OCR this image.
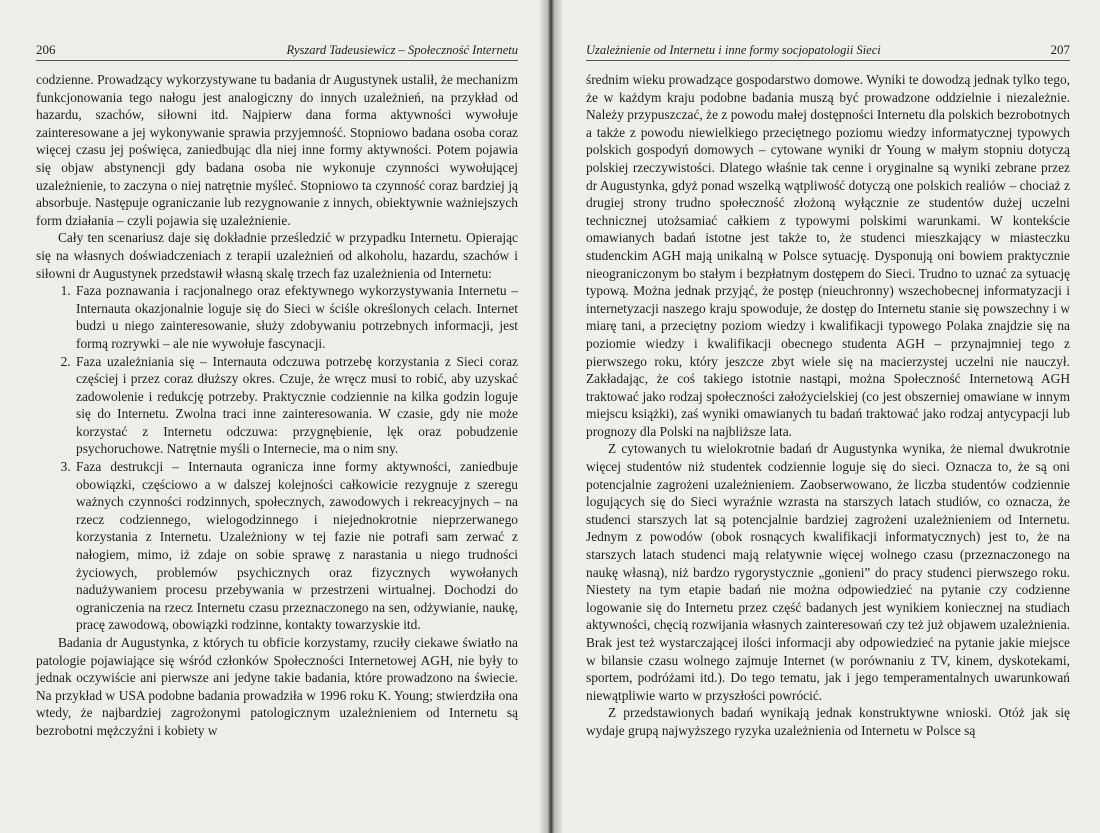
206	Ryszard Tadeusiewicz – Społeczność Internetu

codzienne. Prowadzący wykorzystywane tu badania dr Augustynek ustalił, że mechanizm funkcjonowania tego nałogu jest analogiczny do innych uzależnień, na przykład od hazardu, szachów, siłowni itd. Najpierw dana forma aktywności wywołuje zainteresowane a jej wykonywanie sprawia przyjemność. Stopniowo badana osoba coraz więcej czasu jej poświęca, zaniedbując dla niej inne formy aktywności. Potem pojawia się objaw abstynencji gdy badana osoba nie wykonuje czynności wywołującej uzależnienie, to zaczyna o niej natrętnie myśleć. Stopniowo ta czynność coraz bardziej ją absorbuje. Następuje ograniczanie lub rezygnowanie z innych, obiektywnie ważniejszych form działania – czyli pojawia się uzależnienie.

Cały ten scenariusz daje się dokładnie prześledzić w przypadku Internetu. Opierając się na własnych doświadczeniach z terapii uzależnień od alkoholu, hazardu, szachów i siłowni dr Augustynek przedstawił własną skalę trzech faz uzależnienia od Internetu:

1. Faza poznawania i racjonalnego oraz efektywnego wykorzystywania Internetu – Internauta okazjonalnie loguje się do Sieci w ściśle określonych celach. Internet budzi u niego zainteresowanie, służy zdobywaniu potrzebnych informacji, jest formą rozrywki – ale nie wywołuje fascynacji.
2. Faza uzależniania się – Internauta odczuwa potrzebę korzystania z Sieci coraz częściej i przez coraz dłuższy okres. Czuje, że wręcz musi to robić, aby uzyskać zadowolenie i redukcję potrzeby. Praktycznie codziennie na kilka godzin loguje się do Internetu. Zwolna traci inne zainteresowania. W czasie, gdy nie może korzystać z Internetu odczuwa: przygnębienie, lęk oraz pobudzenie psychoruchowe. Natrętnie myśli o Internecie, ma o nim sny.
3. Faza destrukcji – Internauta ogranicza inne formy aktywności, zaniedbuje obowiązki, częściowo a w dalszej kolejności całkowicie rezygnuje z szeregu ważnych czynności rodzinnych, społecznych, zawodowych i rekreacyjnych – na rzecz codziennego, wielogodzinnego i niejednokrotnie nieprzerwanego korzystania z Internetu. Uzależniony w tej fazie nie potrafi sam zerwać z nałogiem, mimo, iż zdaje on sobie sprawę z narastania u niego trudności życiowych, problemów psychicznych oraz fizycznych wywołanych nadużywaniem procesu przebywania w przestrzeni wirtualnej. Dochodzi do ograniczenia na rzecz Internetu czasu przeznaczonego na sen, odżywianie, naukę, pracę zawodową, obowiązki rodzinne, kontakty towarzyskie itd.

Badania dr Augustynka, z których tu obficie korzystamy, rzuciły ciekawe światło na patologie pojawiające się wśród członków Społeczności Internetowej AGH, nie były to jednak oczywiście ani pierwsze ani jedyne takie badania, które prowadzono na świecie. Na przykład w USA podobne badania prowadziła w 1996 roku K. Young; stwierdziła ona wtedy, że najbardziej zagrożonymi patologicznym uzależnieniem od Internetu są bezrobotni mężczyźni i kobiety w

Uzależnienie od Internetu i inne formy socjopatologii Sieci	207

średnim wieku prowadzące gospodarstwo domowe. Wyniki te dowodzą jednak tylko tego, że w każdym kraju podobne badania muszą być prowadzone oddzielnie i niezależnie. Należy przypuszczać, że z powodu małej dostępności Internetu dla polskich bezrobotnych a także z powodu niewielkiego przeciętnego poziomu wiedzy informatycznej typowych polskich gospodyń domowych – cytowane wyniki dr Young w małym stopniu dotyczą polskiej rzeczywistości. Dlatego właśnie tak cenne i oryginalne są wyniki zebrane przez dr Augustynka, gdyż ponad wszelką wątpliwość dotyczą one polskich realiów – chociaż z drugiej strony trudno społeczność złożoną wyłącznie ze studentów dużej uczelni technicznej utożsamiać całkiem z typowymi polskimi warunkami. W kontekście omawianych badań istotne jest także to, że studenci mieszkający w miasteczku studenckim AGH mają unikalną w Polsce sytuację. Dysponują oni bowiem praktycznie nieograniczonym bo stałym i bezpłatnym dostępem do Sieci. Trudno to uznać za sytuację typową. Można jednak przyjąć, że postęp (nieuchronny) wszechobecnej informatyzacji i internetyzacji naszego kraju spowoduje, że dostęp do Internetu stanie się powszechny i w miarę tani, a przeciętny poziom wiedzy i kwalifikacji typowego Polaka znajdzie się na poziomie wiedzy i kwalifikacji obecnego studenta AGH – przynajmniej tego z pierwszego roku, który jeszcze zbyt wiele się na macierzystej uczelni nie nauczył. Zakładając, że coś takiego istotnie nastąpi, można Społeczność Internetową AGH traktować jako rodzaj społeczności założycielskiej (co jest obszerniej omawiane w innym miejscu książki), zaś wyniki omawianych tu badań traktować jako rodzaj antycypacji lub prognozy dla Polski na najbliższe lata.

Z cytowanych tu wielokrotnie badań dr Augustynka wynika, że niemal dwukrotnie więcej studentów niż studentek codziennie loguje się do sieci. Oznacza to, że są oni potencjalnie zagrożeni uzależnieniem. Zaobserwowano, że liczba studentów codziennie logujących się do Sieci wyraźnie wzrasta na starszych latach studiów, co oznacza, że studenci starszych lat są potencjalnie bardziej zagrożeni uzależnieniem od Internetu. Jednym z powodów (obok rosnących kwalifikacji informatycznych) jest to, że na starszych latach studenci mają relatywnie więcej wolnego czasu (przeznaczonego na naukę własną), niż bardzo rygorystycznie „gonieni” do pracy studenci pierwszego roku. Niestety na tym etapie badań nie można odpowiedzieć na pytanie czy codzienne logowanie się do Internetu przez część badanych jest wynikiem koniecznej na studiach aktywności, chęcią rozwijania własnych zainteresowań czy też już objawem uzależnienia. Brak jest też wystarczającej ilości informacji aby odpowiedzieć na pytanie jakie miejsce w bilansie czasu wolnego zajmuje Internet (w porównaniu z TV, kinem, dyskotekami, sportem, podróżami itd.). Do tego tematu, jak i jego temperamentalnych uwarunkowań niewątpliwie warto w przyszłości powrócić.

Z przedstawionych badań wynikają jednak konstruktywne wnioski. Otóż jak się wydaje grupą najwyższego ryzyka uzależnienia od Internetu w Polsce są
